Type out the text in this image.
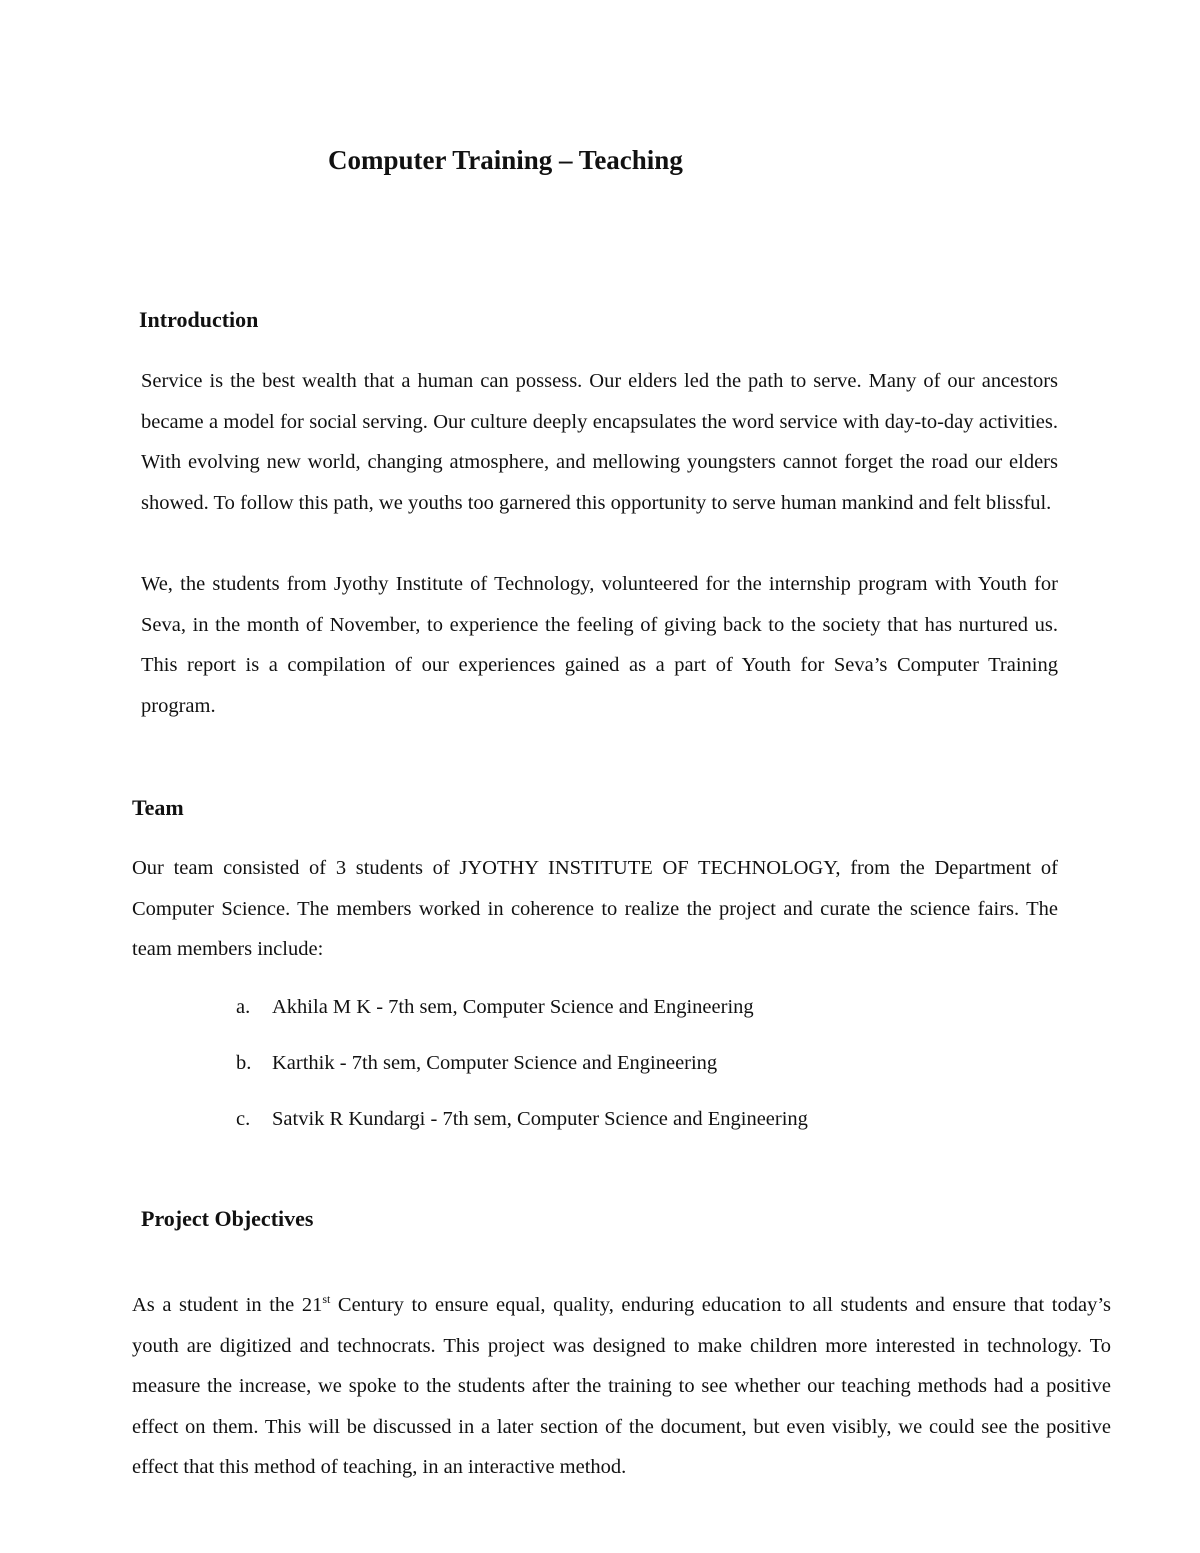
Computer Training – Teaching
Introduction

Service is the best wealth that a human can possess. Our elders led the path to serve. Many of our ancestors became a model for social serving. Our culture deeply encapsulates the word service with day-to-day activities. With evolving new world, changing atmosphere, and mellowing youngsters cannot forget the road our elders showed. To follow this path, we youths too garnered this opportunity to serve human mankind and felt blissful.

We, the students from Jyothy Institute of Technology, volunteered for the internship program with Youth for Seva, in the month of November, to experience the feeling of giving back to the society that has nurtured us. This report is a compilation of our experiences gained as a part of Youth for Seva’s Computer Training program.

Team

Our team consisted of 3 students of JYOTHY INSTITUTE OF TECHNOLOGY, from the Department of Computer Science. The members worked in coherence to realize the project and curate the science fairs. The team members include:

a. Akhila M K - 7th sem, Computer Science and Engineering
b. Karthik - 7th sem, Computer Science and Engineering
c. Satvik R Kundargi - 7th sem, Computer Science and Engineering
Project Objectives

As a student in the 21st Century to ensure equal, quality, enduring education to all students and ensure that today’s youth are digitized and technocrats. This project was designed to make children more interested in technology. To measure the increase, we spoke to the students after the training to see whether our teaching methods had a positive effect on them. This will be discussed in a later section of the document, but even visibly, we could see the positive effect that this method of teaching, in an interactive method.
